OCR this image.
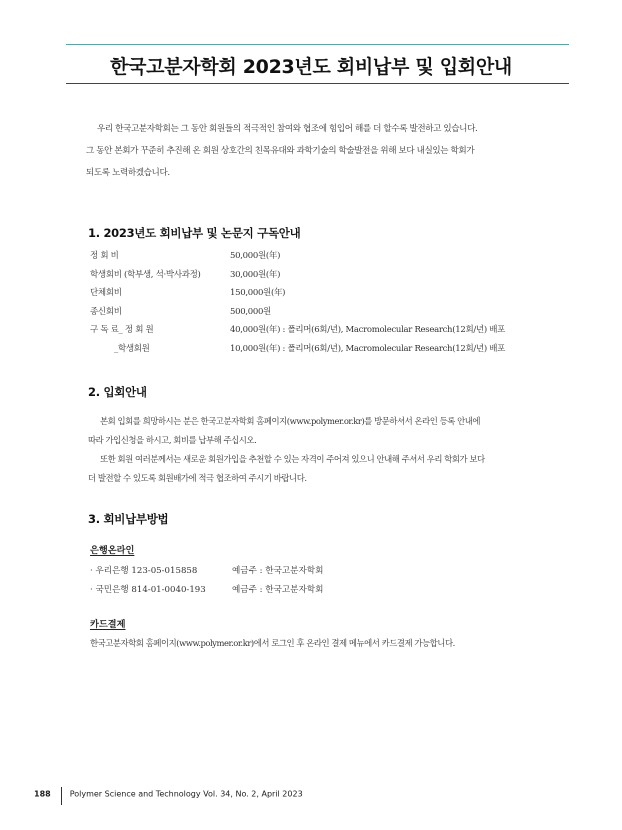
한국고분자학회 2023년도 회비납부 및 입회안내
우리 한국고분자학회는 그 동안 회원들의 적극적인 참여와 협조에 힘입어 해를 더 할수록 발전하고 있습니다.
그 동안 본회가 꾸준히 추진해 온 회원 상호간의 친목유대와 과학기술의 학술발전을 위해 보다 내실있는 학회가
되도록 노력하겠습니다.
1. 2023년도 회비납부 및 논문지 구독안내
정 회 비	50,000원(年)
학생회비 (학부생, 석·박사과정)	30,000원(年)
단체회비	150,000원(年)
종신회비	500,000원
구 독 료_ 정 회 원	40,000원(年) : 폴리머(6회/년), Macromolecular Research(12회/년) 배포
_학생회원	10,000원(年) : 폴리머(6회/년), Macromolecular Research(12회/년) 배포
2. 입회안내
본회 입회를 희망하시는 분은 한국고분자학회 홈페이지(www.polymer.or.kr)를 방문하셔서 온라인 등록 안내에
따라 가입신청을 하시고, 회비를 납부해 주십시오.
또한 회원 여러분께서는 새로운 회원가입을 추천할 수 있는 자격이 주어져 있으니 안내해 주셔서 우리 학회가 보다
더 발전할 수 있도록 회원배가에 적극 협조하여 주시기 바랍니다.
3. 회비납부방법
은행온라인
· 우리은행 123-05-015858	예금주 : 한국고분자학회
· 국민은행 814-01-0040-193	예금주 : 한국고분자학회
카드결제
한국고분자학회 홈페이지(www.polymer.or.kr)에서 로그인 후 온라인 결제 메뉴에서 카드결제 가능합니다.
188 Polymer Science and Technology Vol. 34, No. 2, April 2023
